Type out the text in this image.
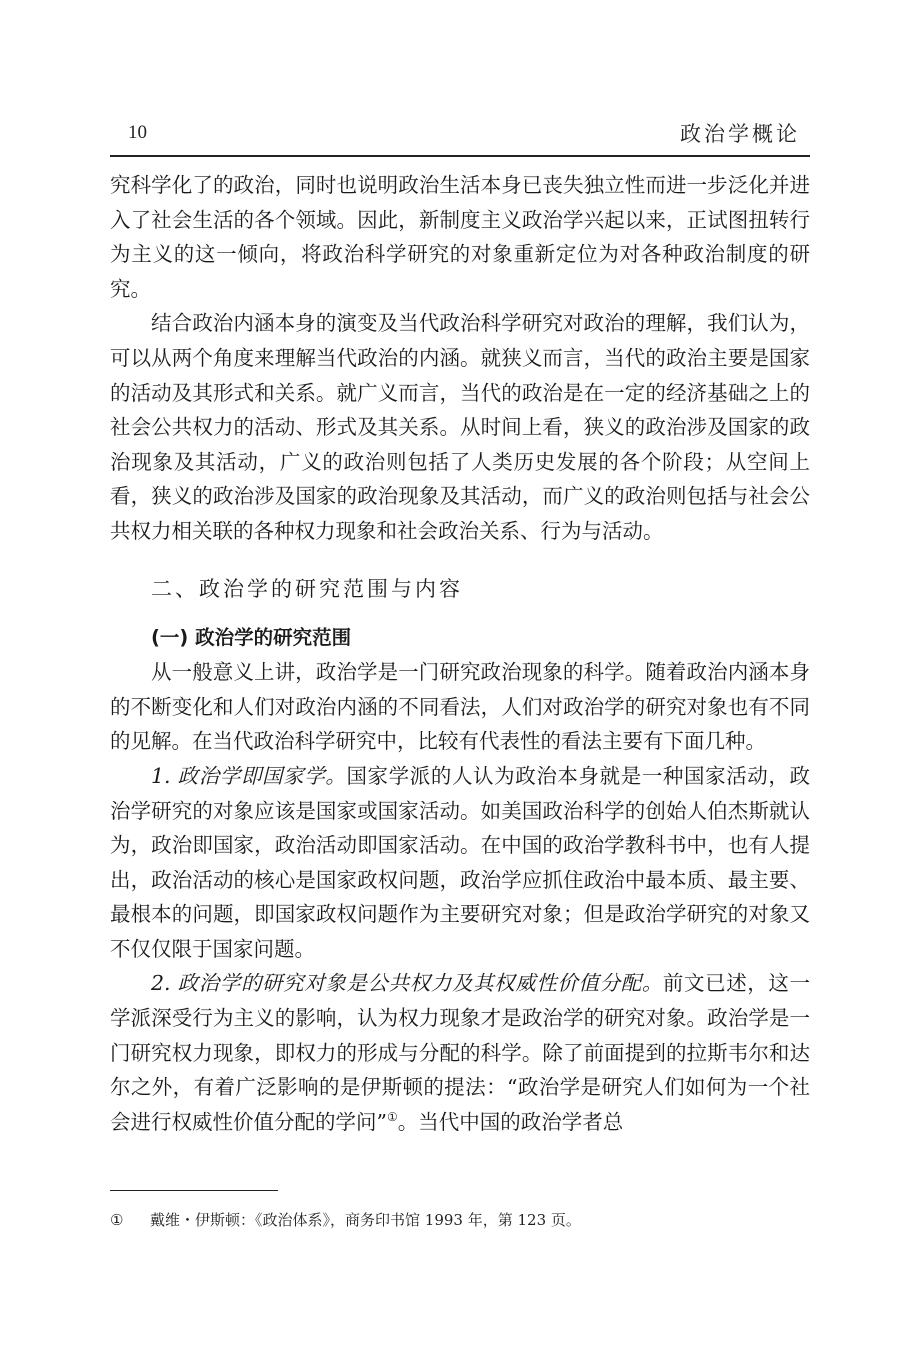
10	政治学概论

究科学化了的政治，同时也说明政治生活本身已丧失独立性而进一步泛化并进入了社会生活的各个领域。因此，新制度主义政治学兴起以来，正试图扭转行为主义的这一倾向，将政治科学研究的对象重新定位为对各种政治制度的研究。

结合政治内涵本身的演变及当代政治科学研究对政治的理解，我们认为，可以从两个角度来理解当代政治的内涵。就狭义而言，当代的政治主要是国家的活动及其形式和关系。就广义而言，当代的政治是在一定的经济基础之上的社会公共权力的活动、形式及其关系。从时间上看，狭义的政治涉及国家的政治现象及其活动，广义的政治则包括了人类历史发展的各个阶段；从空间上看，狭义的政治涉及国家的政治现象及其活动，而广义的政治则包括与社会公共权力相关联的各种权力现象和社会政治关系、行为与活动。

二、政治学的研究范围与内容
(一) 政治学的研究范围

从一般意义上讲，政治学是一门研究政治现象的科学。随着政治内涵本身的不断变化和人们对政治内涵的不同看法，人们对政治学的研究对象也有不同的见解。在当代政治科学研究中，比较有代表性的看法主要有下面几种。

1. 政治学即国家学。国家学派的人认为政治本身就是一种国家活动，政治学研究的对象应该是国家或国家活动。如美国政治科学的创始人伯杰斯就认为，政治即国家，政治活动即国家活动。在中国的政治学教科书中，也有人提出，政治活动的核心是国家政权问题，政治学应抓住政治中最本质、最主要、最根本的问题，即国家政权问题作为主要研究对象；但是政治学研究的对象又不仅仅限于国家问题。

2. 政治学的研究对象是公共权力及其权威性价值分配。前文已述，这一学派深受行为主义的影响，认为权力现象才是政治学的研究对象。政治学是一门研究权力现象，即权力的形成与分配的科学。除了前面提到的拉斯韦尔和达尔之外，有着广泛影响的是伊斯顿的提法：“政治学是研究人们如何为一个社会进行权威性价值分配的学问”①。当代中国的政治学者总

① 戴维・伊斯顿：《政治体系》，商务印书馆 1993 年，第 123 页。
